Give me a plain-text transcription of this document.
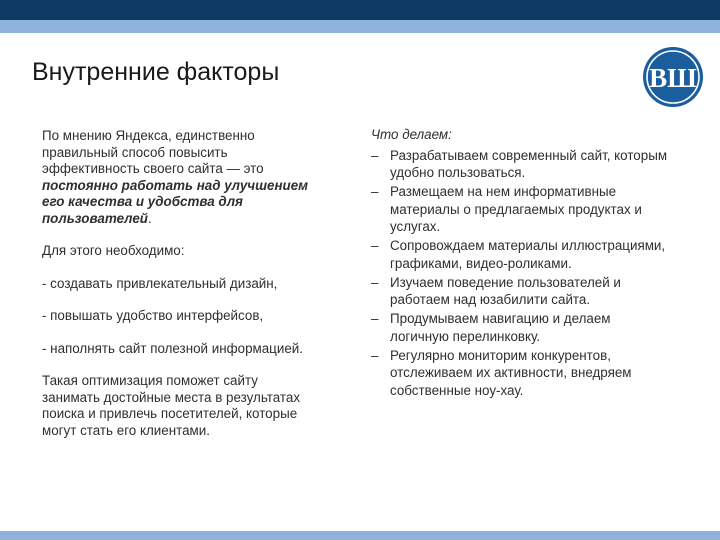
Внутренние факторы	ВШ

По мнению Яндекса, единственно правильный способ повысить эффективность своего сайта — это постоянно работать над улучшением его качества и удобства для пользователей.

Для этого необходимо:

- создавать привлекательный дизайн,

- повышать удобство интерфейсов,

- наполнять сайт полезной информацией.

Такая оптимизация поможет сайту занимать достойные места в результатах поиска и привлечь посетителей, которые могут стать его клиентами.

Что делаем:

– Разрабатываем современный сайт, которым удобно пользоваться.
– Размещаем на нем информативные материалы о предлагаемых продуктах и услугах.
– Сопровождаем материалы иллюстрациями, графиками, видео-роликами.
– Изучаем поведение пользователей и работаем над юзабилити сайта.
– Продумываем навигацию и делаем логичную перелинковку.
– Регулярно мониторим конкурентов, отслеживаем их активности, внедряем собственные ноу-хау.
